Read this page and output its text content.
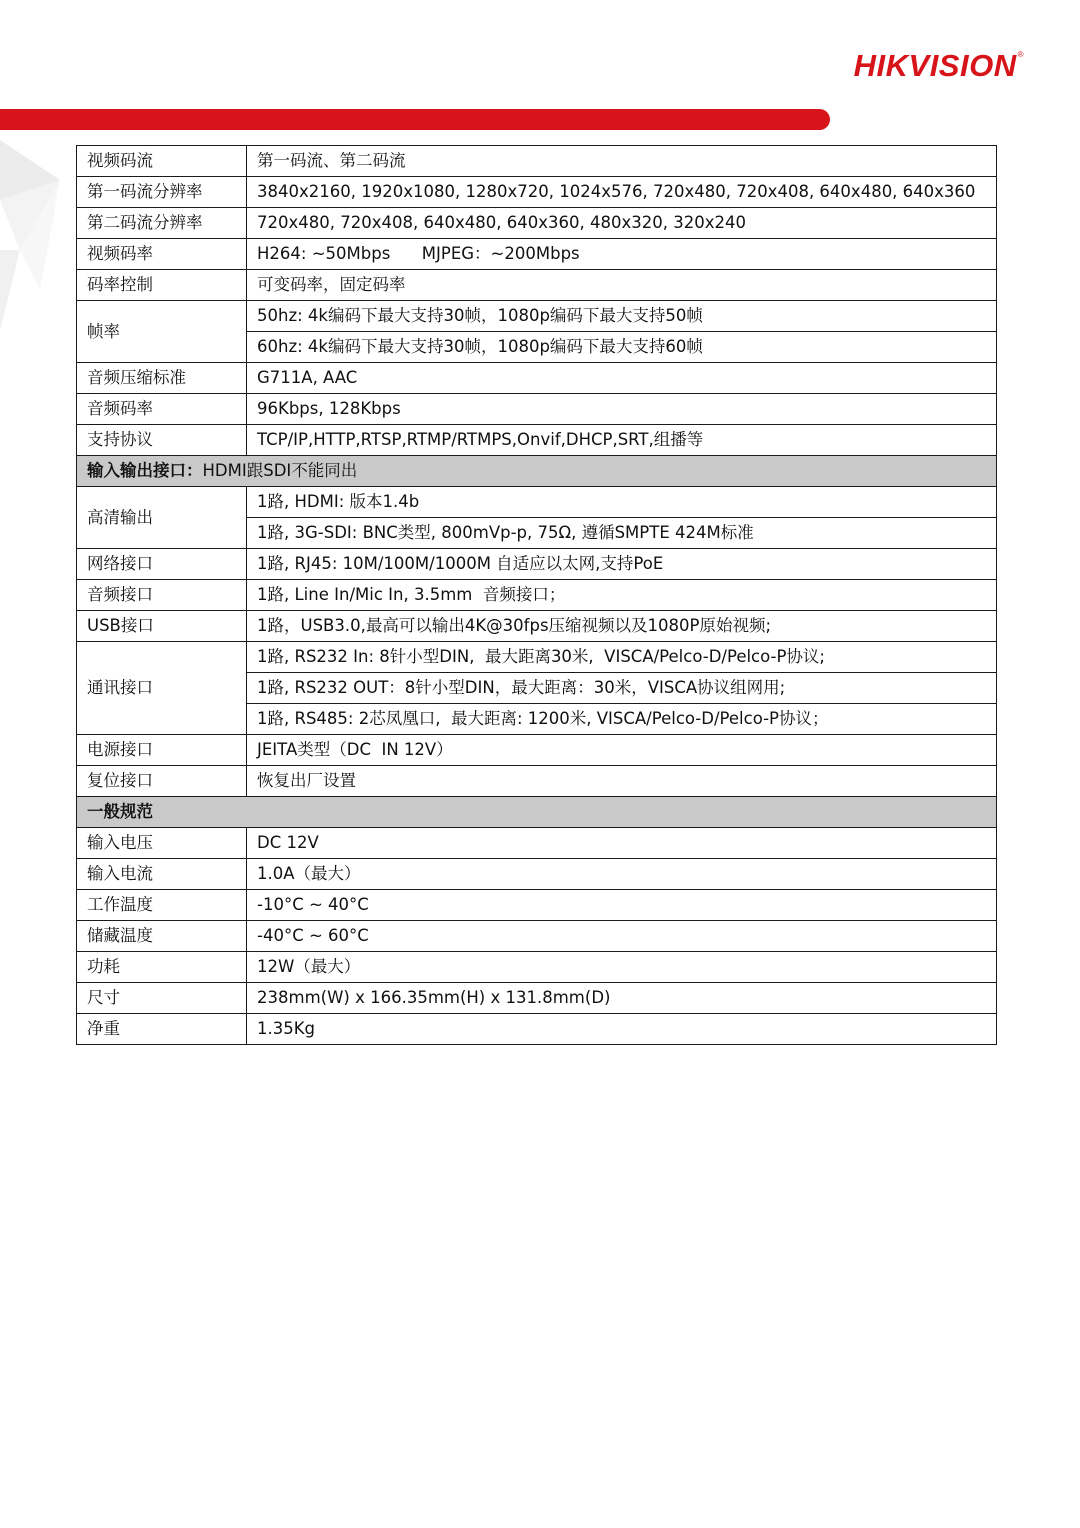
HIKVISION®
视频码流	第一码流、第二码流
第一码流分辨率	3840x2160, 1920x1080, 1280x720, 1024x576, 720x480, 720x408, 640x480, 640x360
第二码流分辨率	720x480, 720x408, 640x480, 640x360, 480x320, 320x240
视频码率	H264: ~50Mbps      MJPEG：~200Mbps
码率控制	可变码率，固定码率
帧率	50hz: 4k编码下最大支持30帧，1080p编码下最大支持50帧
	60hz: 4k编码下最大支持30帧，1080p编码下最大支持60帧
音频压缩标准	G711A, AAC
音频码率	96Kbps, 128Kbps
支持协议	TCP/IP,HTTP,RTSP,RTMP/RTMPS,Onvif,DHCP,SRT,组播等
输入输出接口：HDMI跟SDI不能同出	
高清输出	1路, HDMI: 版本1.4b
	1路, 3G-SDI: BNC类型, 800mVp-p, 75Ω, 遵循SMPTE 424M标准
网络接口	1路, RJ45: 10M/100M/1000M 自适应以太网,支持PoE
音频接口	1路, Line In/Mic In, 3.5mm  音频接口；
USB接口	1路，USB3.0,最高可以输出4K@30fps压缩视频以及1080P原始视频;
通讯接口	1路, RS232 In: 8针小型DIN,  最大距离30米,  VISCA/Pelco-D/Pelco-P协议;
	1路, RS232 OUT：8针小型DIN，最大距离：30米，VISCA协议组网用;
	1路, RS485: 2芯凤凰口,  最大距离: 1200米, VISCA/Pelco-D/Pelco-P协议；
电源接口	JEITA类型（DC  IN 12V）
复位接口	恢复出厂设置
一般规范	
输入电压	DC 12V
输入电流	1.0A（最大）
工作温度	-10°C ~ 40°C
储藏温度	-40°C ~ 60°C
功耗	12W（最大）
尺寸	238mm(W) x 166.35mm(H) x 131.8mm(D)
净重	1.35Kg
